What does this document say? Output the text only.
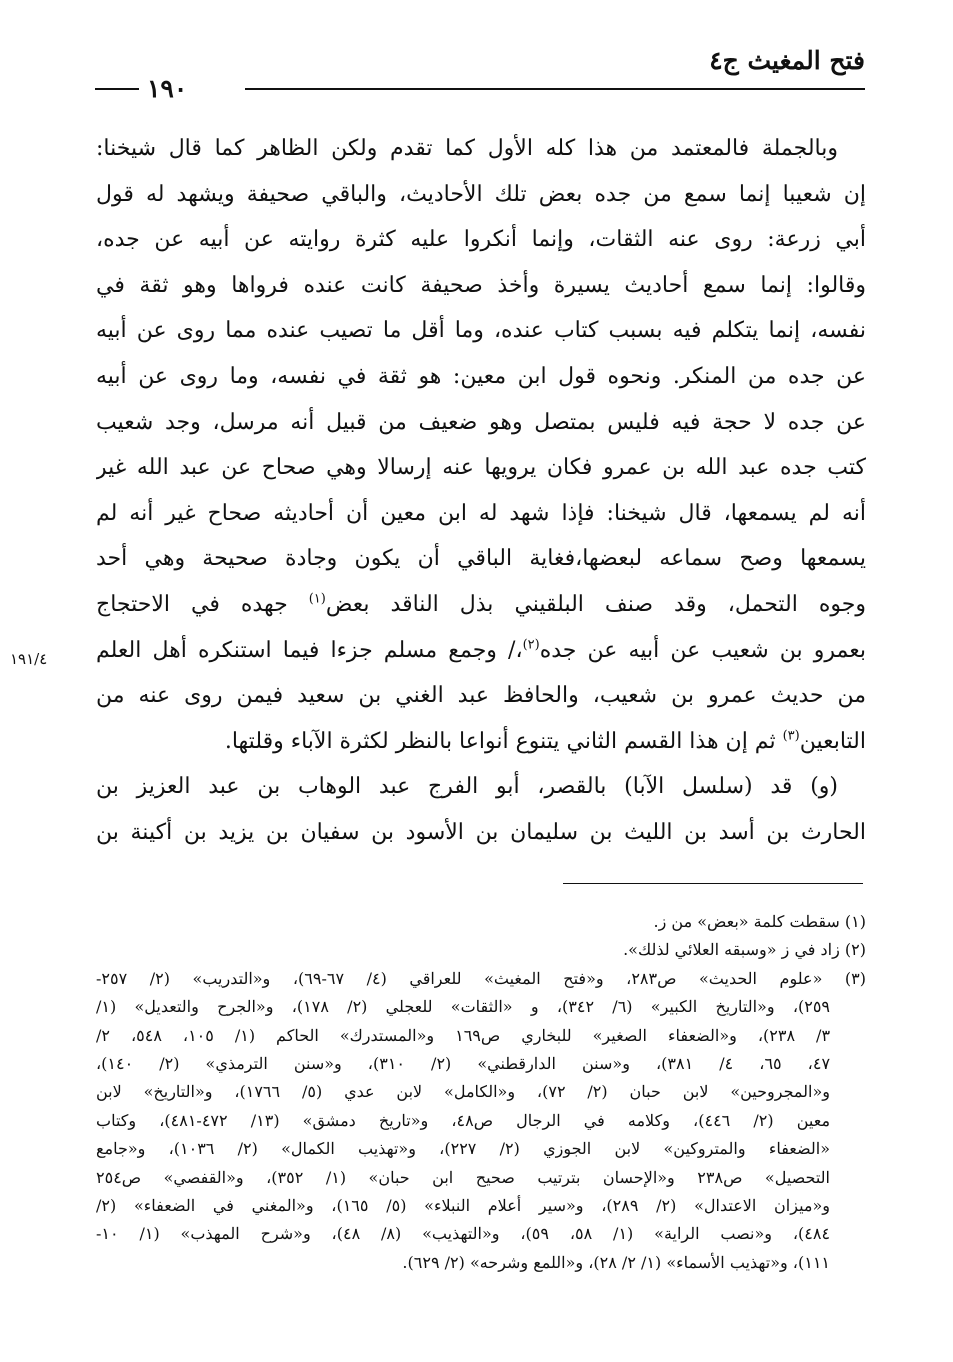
فتح المغيث ج٤
١٩٠
١٩١/٤
وبالجملة فالمعتمد من هذا كله الأول كما تقدم ولكن الظاهر كما قال شيخنا:
إن شعيبا إنما سمع من جده بعض تلك الأحاديث، والباقي صحيفة ويشهد له قول
أبي زرعة: روى عنه الثقات، وإنما أنكروا عليه كثرة روايته عن أبيه عن جده،
وقالوا: إنما سمع أحاديث يسيرة وأخذ صحيفة كانت عنده فرواها وهو ثقة في
نفسه، إنما يتكلم فيه بسبب كتاب عنده، وما أقل ما تصيب عنده مما روى عن أبيه
عن جده من المنكر. ونحوه قول ابن معين: هو ثقة في نفسه، وما روى عن أبيه
عن جده لا حجة فيه فليس بمتصل وهو ضعيف من قبيل أنه مرسل، وجد شعيب
كتب جده عبد الله بن عمرو فكان يرويها عنه إرسالا وهي صحاح عن عبد الله غير
أنه لم يسمعها، قال شيخنا: فإذا شهد له ابن معين أن أحاديثه صحاح غير أنه لم
يسمعها وصح سماعه لبعضها،فغاية الباقي أن يكون وجادة صحيحة وهي أحد
وجوه التحمل، وقد صنف البلقيني بذل الناقد بعض$^{(١)}$ جهده في الاحتجاج
بعمرو بن شعيب عن أبيه عن جده$^{(٢)}$،/ وجمع مسلم جزءا فيما استنكره أهل العلم
من حديث عمرو بن شعيب، والحافظ عبد الغني بن سعيد فيمن روى عنه من
التابعين$^{(٣)}$ ثم إن هذا القسم الثاني يتنوع أنواعا بالنظر لكثرة الآباء وقلتها.
(و) قد (سلسل الآبا) بالقصر، أبو الفرج عبد الوهاب بن عبد العزيز بن
الحارث بن أسد بن الليث بن سليمان بن الأسود بن سفيان بن يزيد بن أكينة بن
(١) سقطت كلمة «بعض» من ز.
(٢) زاد في ز «وسبقه العلائي لذلك».
(٣) «علوم الحديث» ص٢٨٣، و«فتح المغيث» للعراقي (٤/ ٦٧-٦٩)، و«التدريب» (٢/ ٢٥٧-
٢٥٩)، و«التاريخ الكبير» (٦/ ٣٤٢)، و «الثقات» للعجلي (٢/ ١٧٨)، و«الجرح والتعديل» (١/
٣/ ٢٣٨)، و«الضعفاء الصغير» للبخاري ص١٦٩ و«المستدرك» الحاكم (١/ ١٠٥، ٥٤٨، ٢/
٤٧، ٦٥، ٤/ ٣٨١)، و«سنن الدارقطني» (٢/ ٣١٠)، و«سنن الترمذي» (٢/ ١٤٠)،
و«المجروحين» لابن حبان (٢/ ٧٢)، و«الكامل» لابن عدي (٥/ ١٧٦٦)، و«التاريخ» لابن
معين (٢/ ٤٤٦)، وكلامه في الرجال ص٤٨، و«تاريخ دمشق» (١٣/ ٤٧٢-٤٨١)، وكتاب
«الضعفاء والمتروكين» لابن الجوزي (٢/ ٢٢٧)، و«تهذيب الكمال» (٢/ ١٠٣٦)، و«جامع
التحصيل» ص٢٣٨ و«الإحسان بترتيب صحيح ابن حبان» (١/ ٣٥٢)، و«القفصي» ص٢٥٤
و«ميزان الاعتدال» (٢/ ٢٨٩)، و«سير أعلام النبلاء» (٥/ ١٦٥)، و«المغني في الضعفاء» (٢/
٤٨٤)، و«نصب الراية» (١/ ٥٨، ٥٩)، و«التهذيب» (٨/ ٤٨)، و«شرح المهذب» (١/ ١٠-
١١١)، و«تهذيب الأسماء» (١/ ٢/ ٢٨)، و«اللمع وشرحه» (٢/ ٦٢٩).
